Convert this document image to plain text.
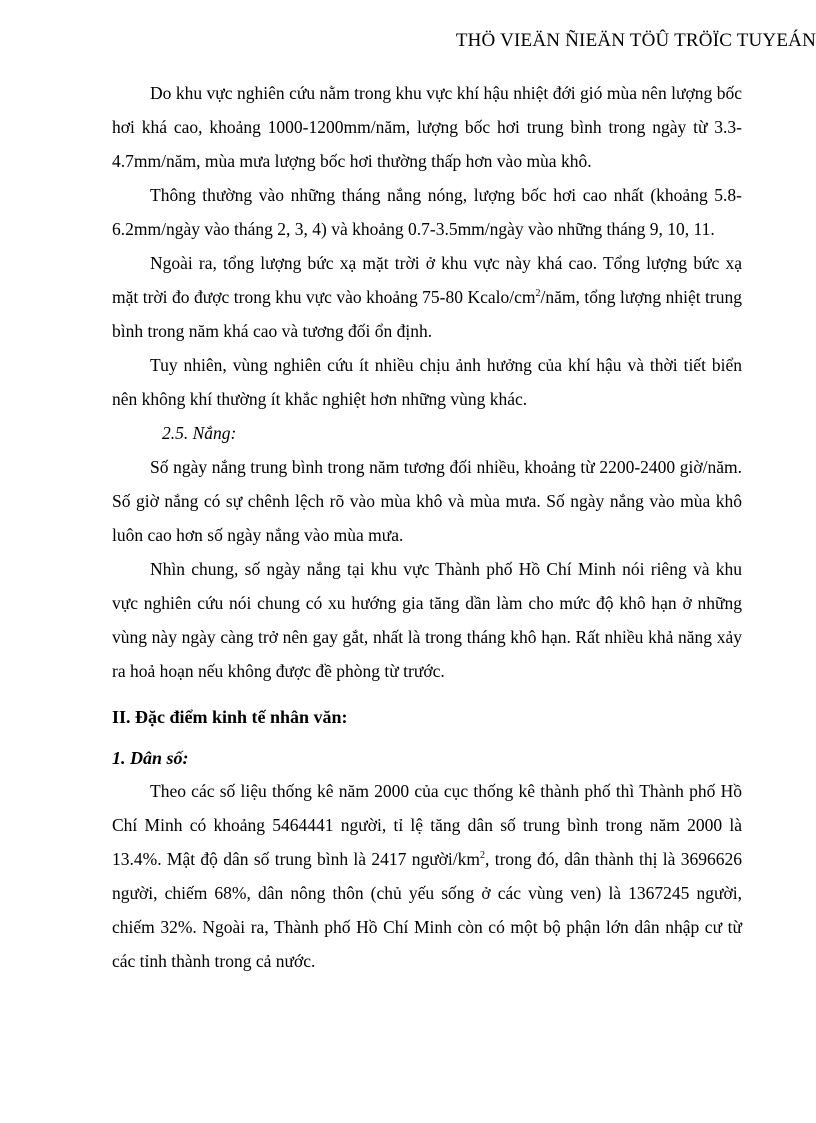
THÖ VIEÄN ÑIEÄN TÖÛ TRÖÏC TUYEÁN

Do khu vực nghiên cứu nằm trong khu vực khí hậu nhiệt đới gió mùa nên lượng bốc hơi khá cao, khoảng 1000-1200mm/năm, lượng bốc hơi trung bình trong ngày từ 3.3-4.7mm/năm, mùa mưa lượng bốc hơi thường thấp hơn vào mùa khô.

Thông thường vào những tháng nắng nóng, lượng bốc hơi cao nhất (khoảng 5.8-6.2mm/ngày vào tháng 2, 3, 4) và khoảng 0.7-3.5mm/ngày vào những tháng 9, 10, 11.

Ngoài ra, tổng lượng bức xạ mặt trời ở khu vực này khá cao. Tổng lượng bức xạ mặt trời đo được trong khu vực vào khoảng 75-80 Kcalo/$cm^2$/năm, tổng lượng nhiệt trung bình trong năm khá cao và tương đối ổn định.

Tuy nhiên, vùng nghiên cứu ít nhiều chịu ảnh hưởng của khí hậu và thời tiết biển nên không khí thường ít khắc nghiệt hơn những vùng khác.

2.5. Nắng:

Số ngày nắng trung bình trong năm tương đối nhiều, khoảng từ 2200-2400 giờ/năm. Số giờ nắng có sự chênh lệch rõ vào mùa khô và mùa mưa. Số ngày nắng vào mùa khô luôn cao hơn số ngày nắng vào mùa mưa.

Nhìn chung, số ngày nắng tại khu vực Thành phố Hồ Chí Minh nói riêng và khu vực nghiên cứu nói chung có xu hướng gia tăng dần làm cho mức độ khô hạn ở những vùng này ngày càng trở nên gay gắt, nhất là trong tháng khô hạn. Rất nhiều khả năng xảy ra hoả hoạn nếu không được đề phòng từ trước.

II. Đặc điểm kinh tế nhân văn:
1. Dân số:

Theo các số liệu thống kê năm 2000 của cục thống kê thành phố thì Thành phố Hồ Chí Minh có khoảng 5464441 người, tỉ lệ tăng dân số trung bình trong năm 2000 là 13.4%. Mật độ dân số trung bình là 2417 người/$km^2$, trong đó, dân thành thị là 3696626 người, chiếm 68%, dân nông thôn (chủ yếu sống ở các vùng ven) là 1367245 người, chiếm 32%. Ngoài ra, Thành phố Hồ Chí Minh còn có một bộ phận lớn dân nhập cư từ các tỉnh thành trong cả nước.
